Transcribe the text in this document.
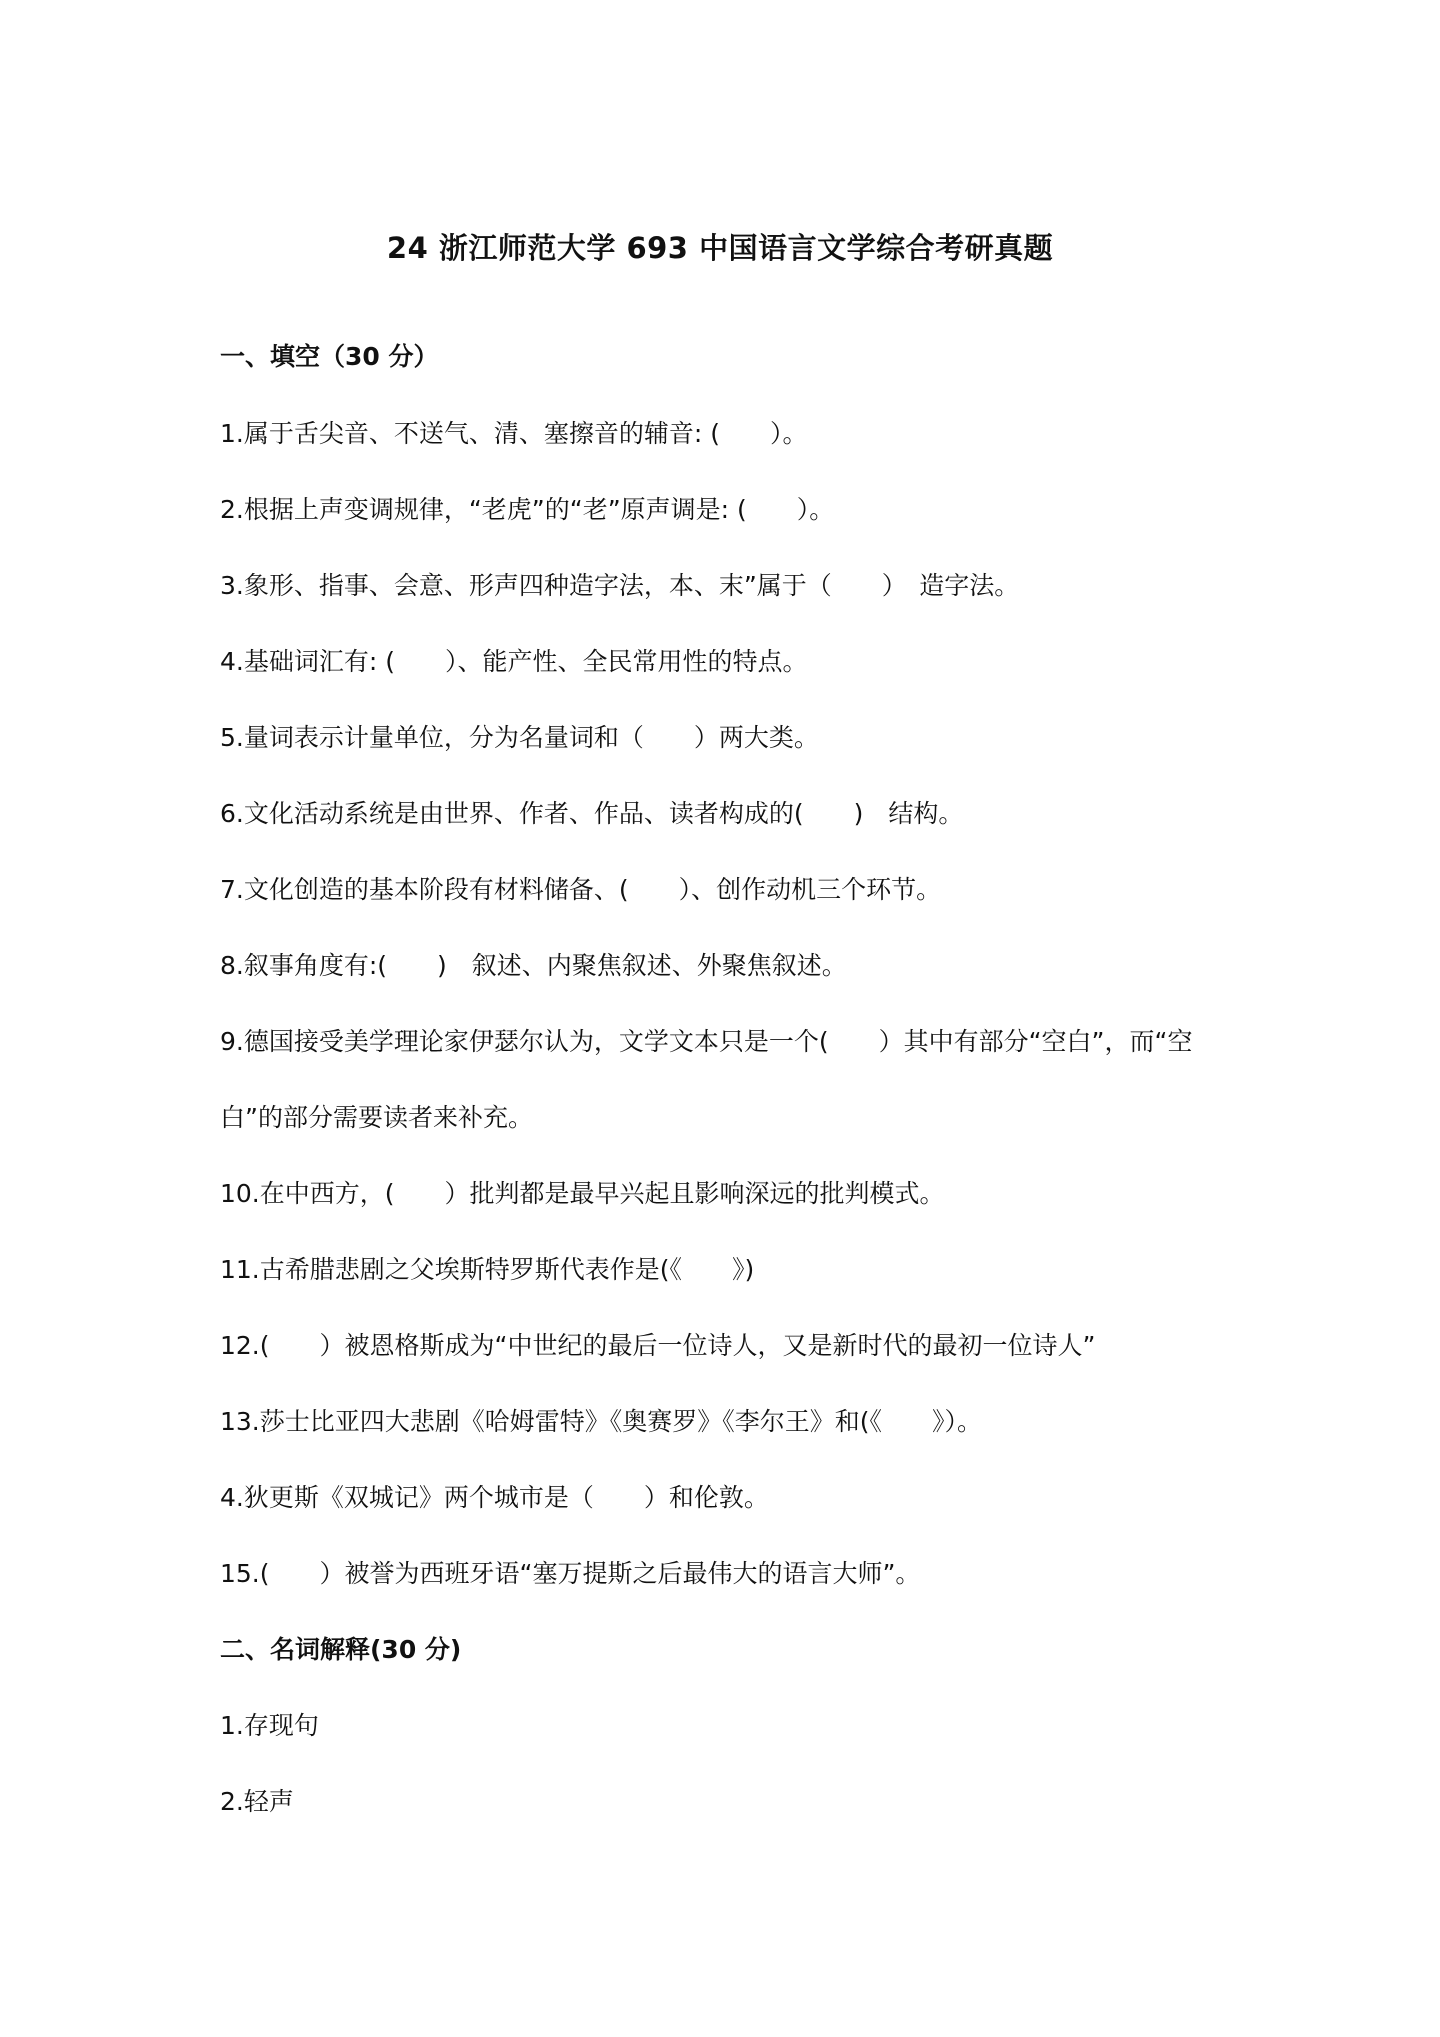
24 浙江师范大学 693 中国语言文学综合考研真题
一、填空（30 分）
1.属于舌尖音、不送气、清、塞擦音的辅音: (　　）。
2.根据上声变调规律，“老虎”的“老”原声调是: (　　）。
3.象形、指事、会意、形声四种造字法，本、末”属于（　　）　造字法。
4.基础词汇有: (　　）、能产性、全民常用性的特点。
5.量词表示计量单位，分为名量词和（　　）两大类。
6.文化活动系统是由世界、作者、作品、读者构成的(　　)　结构。
7.文化创造的基本阶段有材料储备、(　　）、创作动机三个环节。
8.叙事角度有:(　　)　叙述、内聚焦叙述、外聚焦叙述。
9.德国接受美学理论家伊瑟尔认为，文学文本只是一个(　　）其中有部分“空白”，而“空
白”的部分需要读者来补充。
10.在中西方，(　　）批判都是最早兴起且影响深远的批判模式。
11.古希腊悲剧之父埃斯特罗斯代表作是(《　　》)
12.(　　）被恩格斯成为“中世纪的最后一位诗人，又是新时代的最初一位诗人”
13.莎士比亚四大悲剧《哈姆雷特》《奥赛罗》《李尔王》和(《　　》）。
4.狄更斯《双城记》两个城市是（　　）和伦敦。
15.(　　）被誉为西班牙语“塞万提斯之后最伟大的语言大师”。
二、名词解释(30 分)
1.存现句
2.轻声
